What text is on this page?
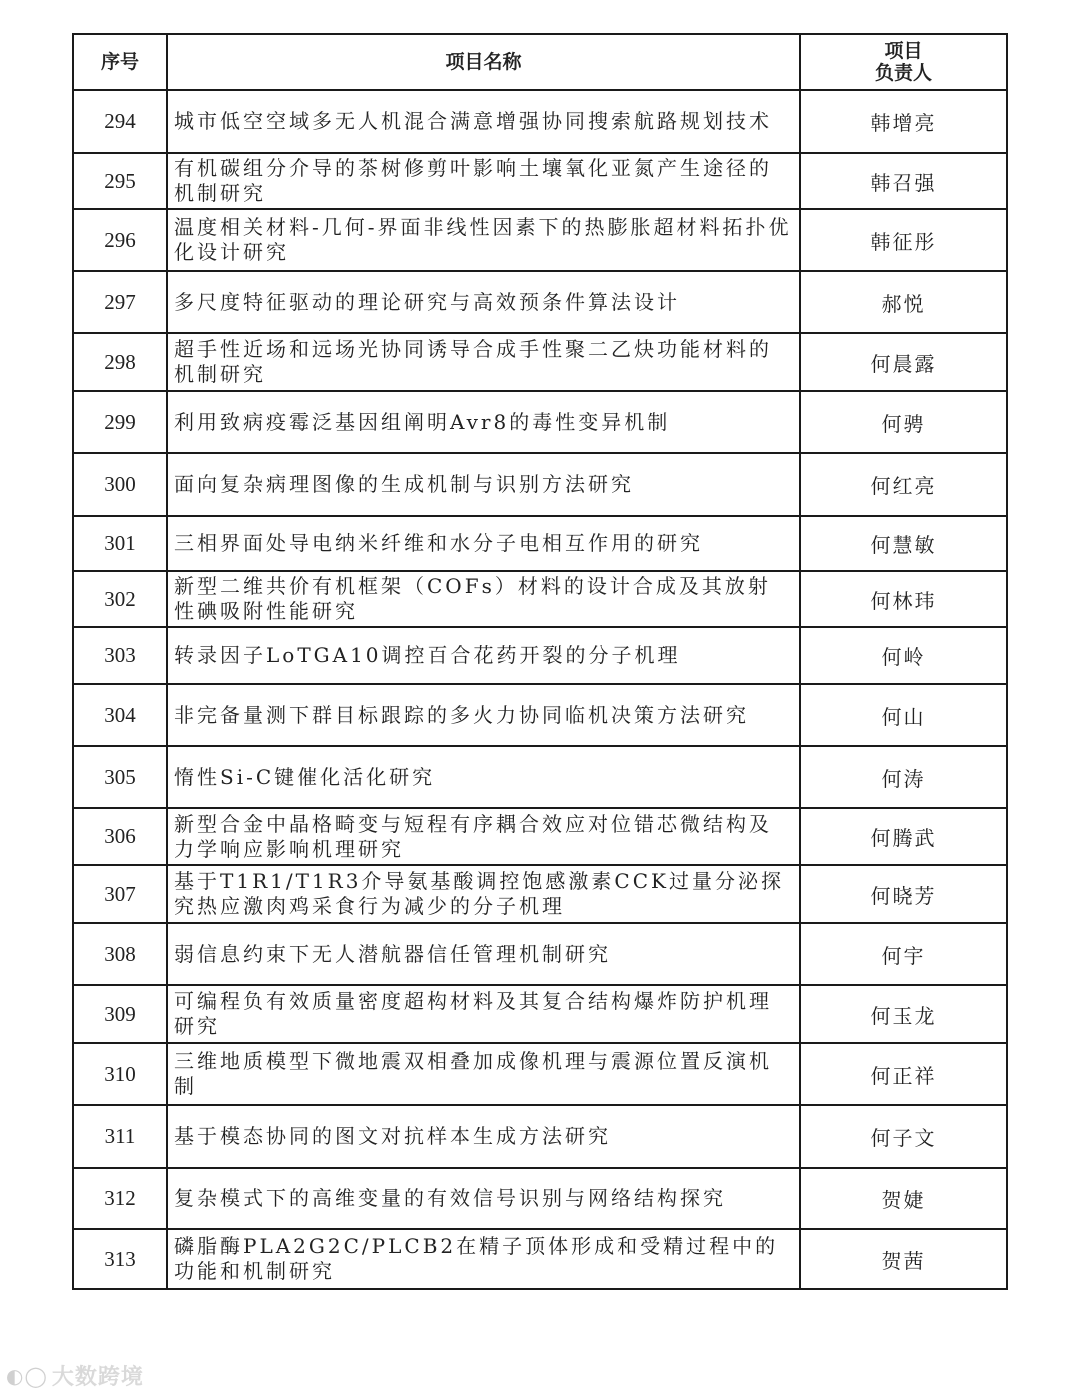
序号	项目名称	项目
负责人

294	城市低空空域多无人机混合满意增强协同搜索航路规划技术	韩增亮
295	有机碳组分介导的茶树修剪叶影响土壤氧化亚氮产生途径的机制研究	韩召强
296	温度相关材料-几何-界面非线性因素下的热膨胀超材料拓扑优化设计研究	韩征彤
297	多尺度特征驱动的理论研究与高效预条件算法设计	郝悦
298	超手性近场和远场光协同诱导合成手性聚二乙炔功能材料的机制研究	何晨露
299	利用致病疫霉泛基因组阐明Avr8的毒性变异机制	何骋
300	面向复杂病理图像的生成机制与识别方法研究	何红亮
301	三相界面处导电纳米纤维和水分子电相互作用的研究	何慧敏
302	新型二维共价有机框架（COFs）材料的设计合成及其放射性碘吸附性能研究	何林玮
303	转录因子LoTGA10调控百合花药开裂的分子机理	何岭
304	非完备量测下群目标跟踪的多火力协同临机决策方法研究	何山
305	惰性Si-C键催化活化研究	何涛
306	新型合金中晶格畸变与短程有序耦合效应对位错芯微结构及力学响应影响机理研究	何腾武
307	基于T1R1/T1R3介导氨基酸调控饱感激素CCK过量分泌探究热应激肉鸡采食行为减少的分子机理	何晓芳
308	弱信息约束下无人潜航器信任管理机制研究	何宇
309	可编程负有效质量密度超构材料及其复合结构爆炸防护机理研究	何玉龙
310	三维地质模型下微地震双相叠加成像机理与震源位置反演机制	何正祥
311	基于模态协同的图文对抗样本生成方法研究	何子文
312	复杂模式下的高维变量的有效信号识别与网络结构探究	贺婕
313	磷脂酶PLA2G2C/PLCB2在精子顶体形成和受精过程中的功能和机制研究	贺茜
◐◯ 大数跨境
